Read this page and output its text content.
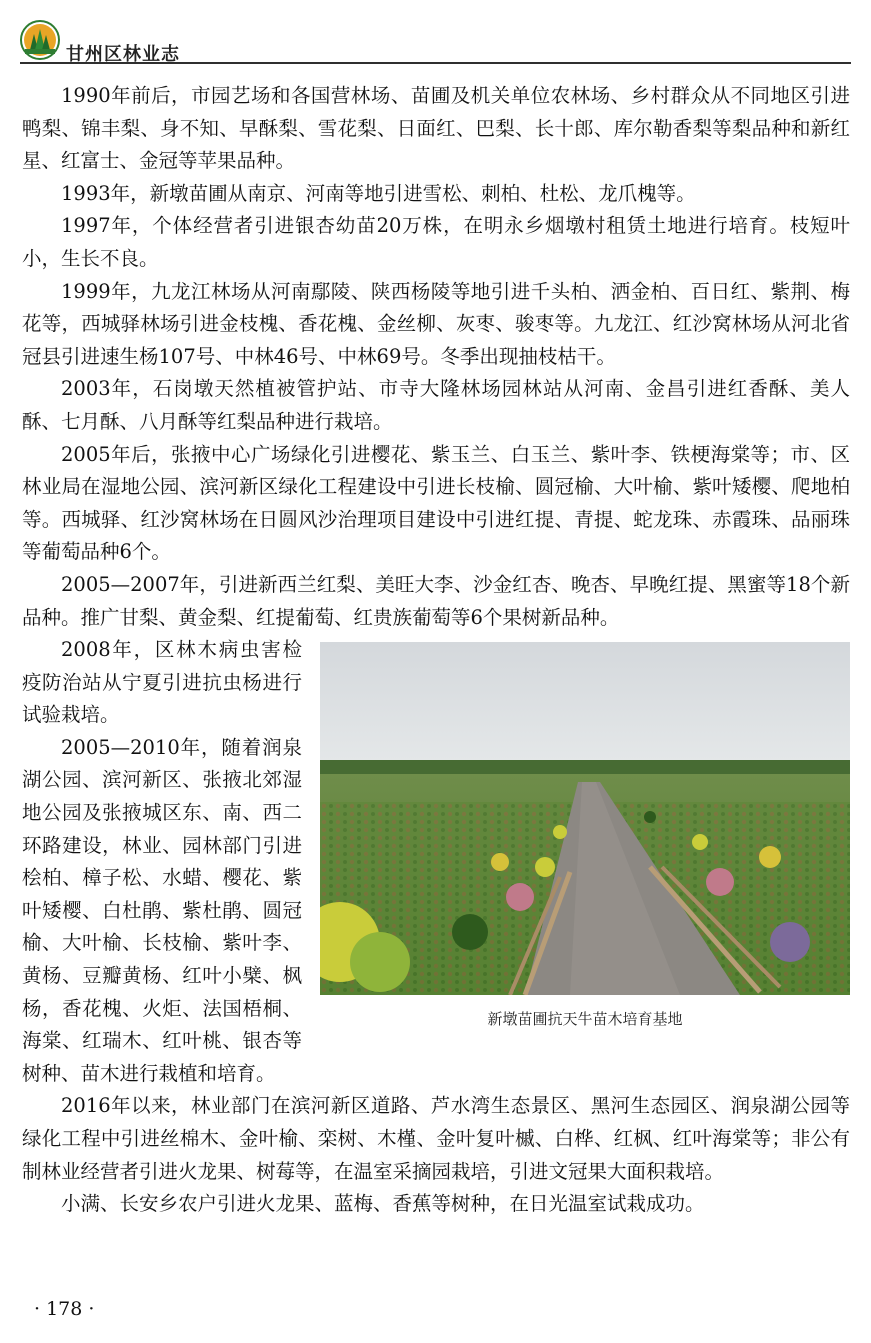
甘州区林业志

1990年前后，市园艺场和各国营林场、苗圃及机关单位农林场、乡村群众从不同地区引进鸭梨、锦丰梨、身不知、早酥梨、雪花梨、日面红、巴梨、长十郎、库尔勒香梨等梨品种和新红星、红富士、金冠等苹果品种。

1993年，新墩苗圃从南京、河南等地引进雪松、刺柏、杜松、龙爪槐等。

1997年，个体经营者引进银杏幼苗20万株，在明永乡烟墩村租赁土地进行培育。枝短叶小，生长不良。

1999年，九龙江林场从河南鄢陵、陕西杨陵等地引进千头柏、洒金柏、百日红、紫荆、梅花等，西城驿林场引进金枝槐、香花槐、金丝柳、灰枣、骏枣等。九龙江、红沙窝林场从河北省冠县引进速生杨107号、中林46号、中林69号。冬季出现抽枝枯干。

2003年，石岗墩天然植被管护站、市寺大隆林场园林站从河南、金昌引进红香酥、美人酥、七月酥、八月酥等红梨品种进行栽培。

2005年后，张掖中心广场绿化引进樱花、紫玉兰、白玉兰、紫叶李、铁梗海棠等；市、区林业局在湿地公园、滨河新区绿化工程建设中引进长枝榆、圆冠榆、大叶榆、紫叶矮樱、爬地柏等。西城驿、红沙窝林场在日圆风沙治理项目建设中引进红提、青提、蛇龙珠、赤霞珠、品丽珠等葡萄品种6个。

2005—2007年，引进新西兰红梨、美旺大李、沙金红杏、晚杏、早晚红提、黑蜜等18个新品种。推广甘梨、黄金梨、红提葡萄、红贵族葡萄等6个果树新品种。

新墩苗圃抗天牛苗木培育基地

2008年，区林木病虫害检疫防治站从宁夏引进抗虫杨进行试验栽培。

2005—2010年，随着润泉湖公园、滨河新区、张掖北郊湿地公园及张掖城区东、南、西二环路建设，林业、园林部门引进桧柏、樟子松、水蜡、樱花、紫叶矮樱、白杜鹃、紫杜鹃、圆冠榆、大叶榆、长枝榆、紫叶李、黄杨、豆瓣黄杨、红叶小檗、枫杨，香花槐、火炬、法国梧桐、海棠、红瑞木、红叶桃、银杏等树种、苗木进行栽植和培育。

2016年以来，林业部门在滨河新区道路、芦水湾生态景区、黑河生态园区、润泉湖公园等绿化工程中引进丝棉木、金叶榆、栾树、木槿、金叶复叶槭、白桦、红枫、红叶海棠等；非公有制林业经营者引进火龙果、树莓等，在温室采摘园栽培，引进文冠果大面积栽培。

小满、长安乡农户引进火龙果、蓝梅、香蕉等树种，在日光温室试栽成功。

· 178 ·
